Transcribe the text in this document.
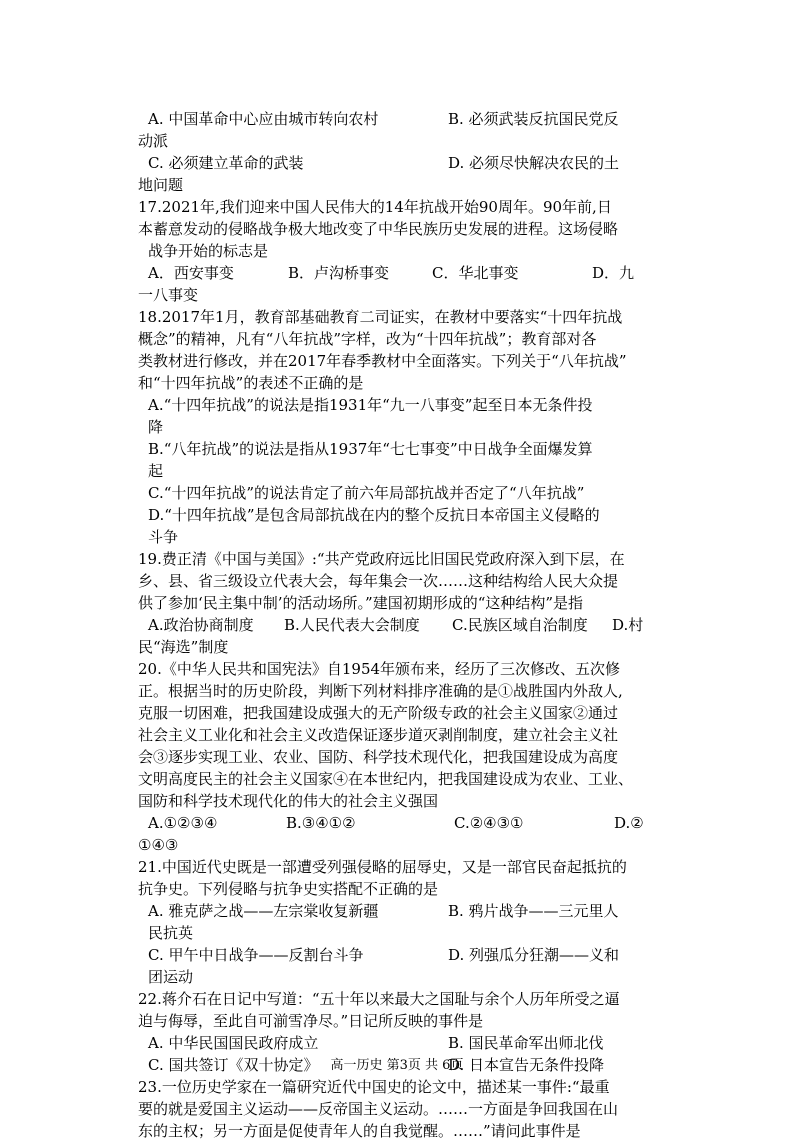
A. 中国革命中心应由城市转向农村	B. 必须武装反抗国民党反
动派
C. 必须建立革命的武装	D. 必须尽快解决农民的土
地问题
17.2021年,我们迎来中国人民伟大的14年抗战开始90周年。90年前,日
本蓄意发动的侵略战争极大地改变了中华民族历史发展的进程。这场侵略
战争开始的标志是
A．西安事变	B．卢沟桥事变	C．华北事变	D．九
一八事变
18.2017年1月，教育部基础教育二司证实，在教材中要落实“十四年抗战
概念”的精神，凡有“八年抗战”字样，改为“十四年抗战”；教育部对各
类教材进行修改，并在2017年春季教材中全面落实。下列关于“八年抗战”
和“十四年抗战”的表述不正确的是
A.“十四年抗战”的说法是指1931年“九一八事变”起至日本无条件投
降
B.“八年抗战”的说法是指从1937年“七七事变”中日战争全面爆发算
起
C.“十四年抗战”的说法肯定了前六年局部抗战并否定了“八年抗战”
D.“十四年抗战”是包含局部抗战在内的整个反抗日本帝国主义侵略的
斗争
19.费正清《中国与美国》:“共产党政府远比旧国民党政府深入到下层，在
乡、县、省三级设立代表大会，每年集会一次……这种结构给人民大众提
供了参加‘民主集中制’的活动场所。”建国初期形成的“这种结构”是指
A.政治协商制度	B.人民代表大会制度	C.民族区域自治制度	D.村
民“海选”制度
20.《中华人民共和国宪法》自1954年颁布来，经历了三次修改、五次修
正。根据当时的历史阶段，判断下列材料排序准确的是①战胜国内外敌人,
克服一切困难，把我国建设成强大的无产阶级专政的社会主义国家②通过
社会主义工业化和社会主义改造保证逐步道灭剥削制度，建立社会主义社
会③逐步实现工业、农业、国防、科学技术现代化，把我国建设成为高度
文明高度民主的社会主义国家④在本世纪内，把我国建设成为农业、工业、
国防和科学技术现代化的伟大的社会主义强国
A.①②③④	B.③④①②	C.②④③①	D.②
①④③
21.中国近代史既是一部遭受列强侵略的屈辱史，又是一部官民奋起抵抗的
抗争史。下列侵略与抗争史实搭配不正确的是
A. 雅克萨之战——左宗棠收复新疆	B. 鸦片战争——三元里人
民抗英
C. 甲午中日战争——反割台斗争	D. 列强瓜分狂潮——义和
团运动
22.蒋介石在日记中写道：“五十年以来最大之国耻与余个人历年所受之逼
迫与侮辱，至此自可湔雪净尽。”日记所反映的事件是
A. 中华民国国民政府成立	B. 国民革命军出师北伐
C. 国共签订《双十协定》	D. 日本宣告无条件投降
23.一位历史学家在一篇研究近代中国史的论文中，描述某一事件:“最重
要的就是爱国主义运动——反帝国主义运动。……一方面是争回我国在山
东的主权；另一方面是促使青年人的自我觉醒。……”请问此事件是
高一历史 第3页 共 6页
